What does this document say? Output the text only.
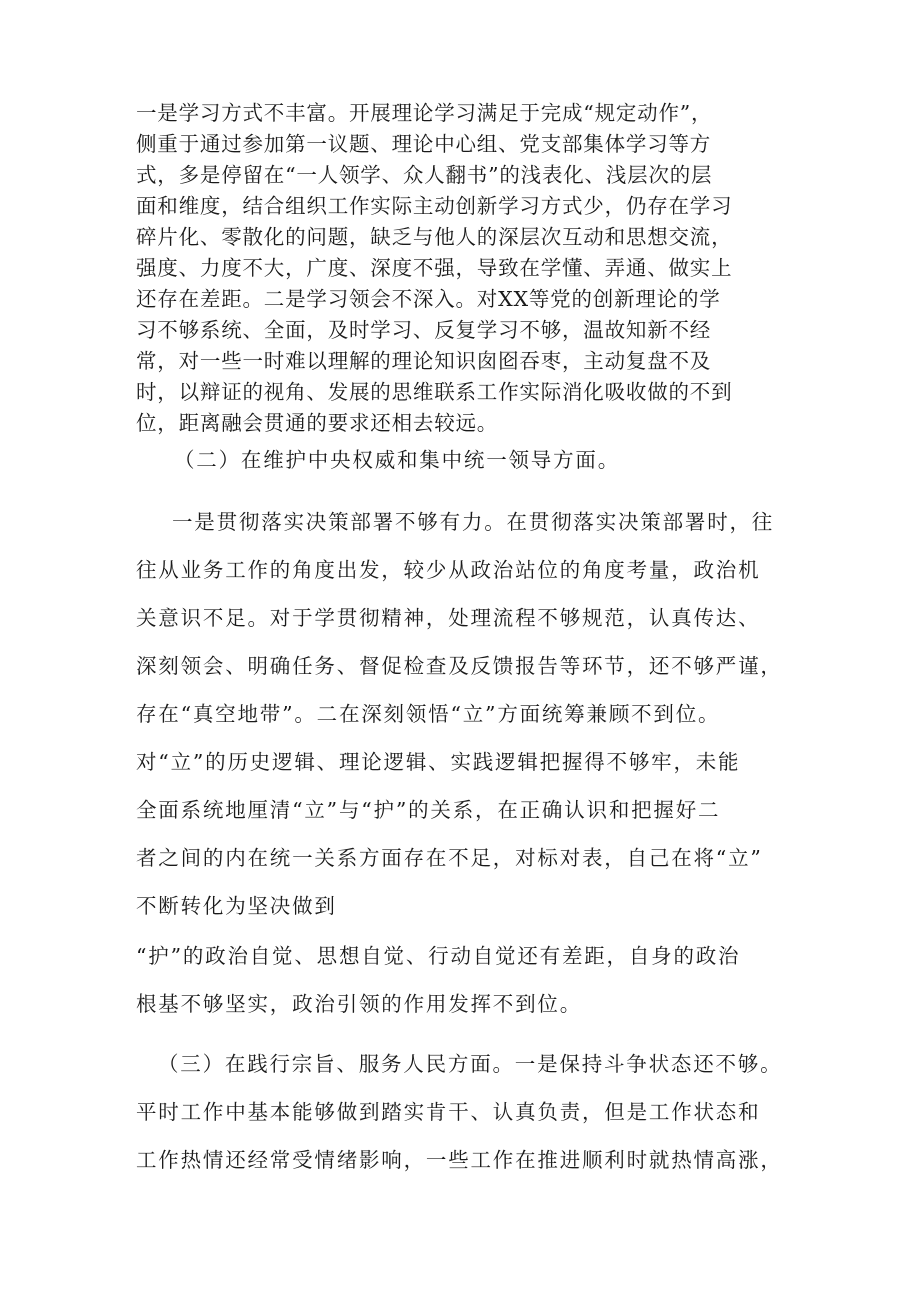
一是学习方式不丰富。开展理论学习满足于完成“规定动作”，
侧重于通过参加第一议题、理论中心组、党支部集体学习等方
式，多是停留在“一人领学、众人翻书”的浅表化、浅层次的层
面和维度，结合组织工作实际主动创新学习方式少，仍存在学习
碎片化、零散化的问题，缺乏与他人的深层次互动和思想交流，
强度、力度不大，广度、深度不强，导致在学懂、弄通、做实上
还存在差距。二是学习领会不深入。对XX等党的创新理论的学
习不够系统、全面，及时学习、反复学习不够，温故知新不经
常，对一些一时难以理解的理论知识囱囵吞枣，主动复盘不及
时，以辩证的视角、发展的思维联系工作实际消化吸收做的不到
位，距离融会贯通的要求还相去较远。
（二）在维护中央权威和集中统一领导方面。
一是贯彻落实决策部署不够有力。在贯彻落实决策部署时，往
往从业务工作的角度出发，较少从政治站位的角度考量，政治机
关意识不足。对于学贯彻精神，处理流程不够规范，认真传达、
深刻领会、明确任务、督促检查及反馈报告等环节，还不够严谨，
存在“真空地带”。二在深刻领悟“立”方面统筹兼顾不到位。
对“立”的历史逻辑、理论逻辑、实践逻辑把握得不够牢，未能
全面系统地厘清“立”与“护”的关系，在正确认识和把握好二
者之间的内在统一关系方面存在不足，对标对表，自己在将“立”
不断转化为坚决做到
“护”的政治自觉、思想自觉、行动自觉还有差距，自身的政治
根基不够坚实，政治引领的作用发挥不到位。
（三）在践行宗旨、服务人民方面。一是保持斗争状态还不够。
平时工作中基本能够做到踏实肯干、认真负责，但是工作状态和
工作热情还经常受情绪影响，一些工作在推进顺利时就热情高涨，
